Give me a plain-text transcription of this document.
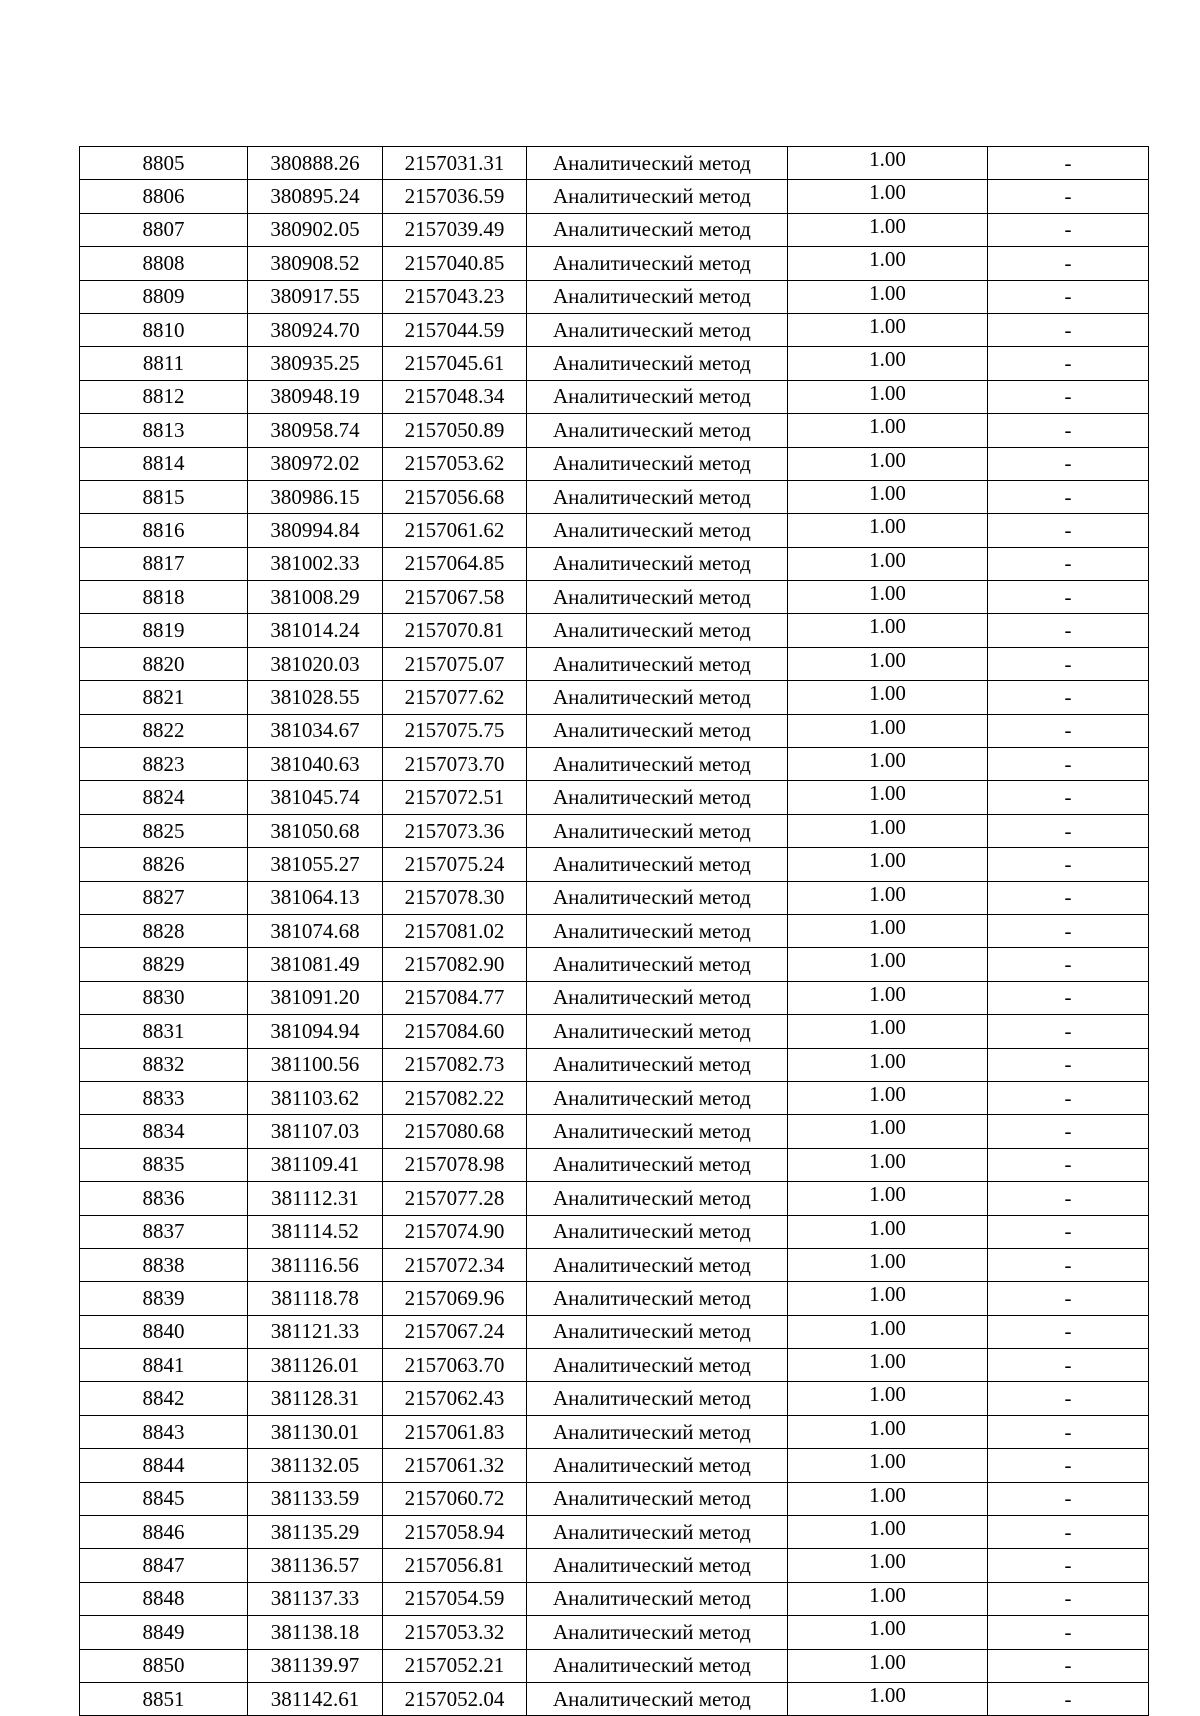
8805	380888.26	2157031.31	Аналитический метод	1.00	-
8806	380895.24	2157036.59	Аналитический метод	1.00	-
8807	380902.05	2157039.49	Аналитический метод	1.00	-
8808	380908.52	2157040.85	Аналитический метод	1.00	-
8809	380917.55	2157043.23	Аналитический метод	1.00	-
8810	380924.70	2157044.59	Аналитический метод	1.00	-
8811	380935.25	2157045.61	Аналитический метод	1.00	-
8812	380948.19	2157048.34	Аналитический метод	1.00	-
8813	380958.74	2157050.89	Аналитический метод	1.00	-
8814	380972.02	2157053.62	Аналитический метод	1.00	-
8815	380986.15	2157056.68	Аналитический метод	1.00	-
8816	380994.84	2157061.62	Аналитический метод	1.00	-
8817	381002.33	2157064.85	Аналитический метод	1.00	-
8818	381008.29	2157067.58	Аналитический метод	1.00	-
8819	381014.24	2157070.81	Аналитический метод	1.00	-
8820	381020.03	2157075.07	Аналитический метод	1.00	-
8821	381028.55	2157077.62	Аналитический метод	1.00	-
8822	381034.67	2157075.75	Аналитический метод	1.00	-
8823	381040.63	2157073.70	Аналитический метод	1.00	-
8824	381045.74	2157072.51	Аналитический метод	1.00	-
8825	381050.68	2157073.36	Аналитический метод	1.00	-
8826	381055.27	2157075.24	Аналитический метод	1.00	-
8827	381064.13	2157078.30	Аналитический метод	1.00	-
8828	381074.68	2157081.02	Аналитический метод	1.00	-
8829	381081.49	2157082.90	Аналитический метод	1.00	-
8830	381091.20	2157084.77	Аналитический метод	1.00	-
8831	381094.94	2157084.60	Аналитический метод	1.00	-
8832	381100.56	2157082.73	Аналитический метод	1.00	-
8833	381103.62	2157082.22	Аналитический метод	1.00	-
8834	381107.03	2157080.68	Аналитический метод	1.00	-
8835	381109.41	2157078.98	Аналитический метод	1.00	-
8836	381112.31	2157077.28	Аналитический метод	1.00	-
8837	381114.52	2157074.90	Аналитический метод	1.00	-
8838	381116.56	2157072.34	Аналитический метод	1.00	-
8839	381118.78	2157069.96	Аналитический метод	1.00	-
8840	381121.33	2157067.24	Аналитический метод	1.00	-
8841	381126.01	2157063.70	Аналитический метод	1.00	-
8842	381128.31	2157062.43	Аналитический метод	1.00	-
8843	381130.01	2157061.83	Аналитический метод	1.00	-
8844	381132.05	2157061.32	Аналитический метод	1.00	-
8845	381133.59	2157060.72	Аналитический метод	1.00	-
8846	381135.29	2157058.94	Аналитический метод	1.00	-
8847	381136.57	2157056.81	Аналитический метод	1.00	-
8848	381137.33	2157054.59	Аналитический метод	1.00	-
8849	381138.18	2157053.32	Аналитический метод	1.00	-
8850	381139.97	2157052.21	Аналитический метод	1.00	-
8851	381142.61	2157052.04	Аналитический метод	1.00	-
